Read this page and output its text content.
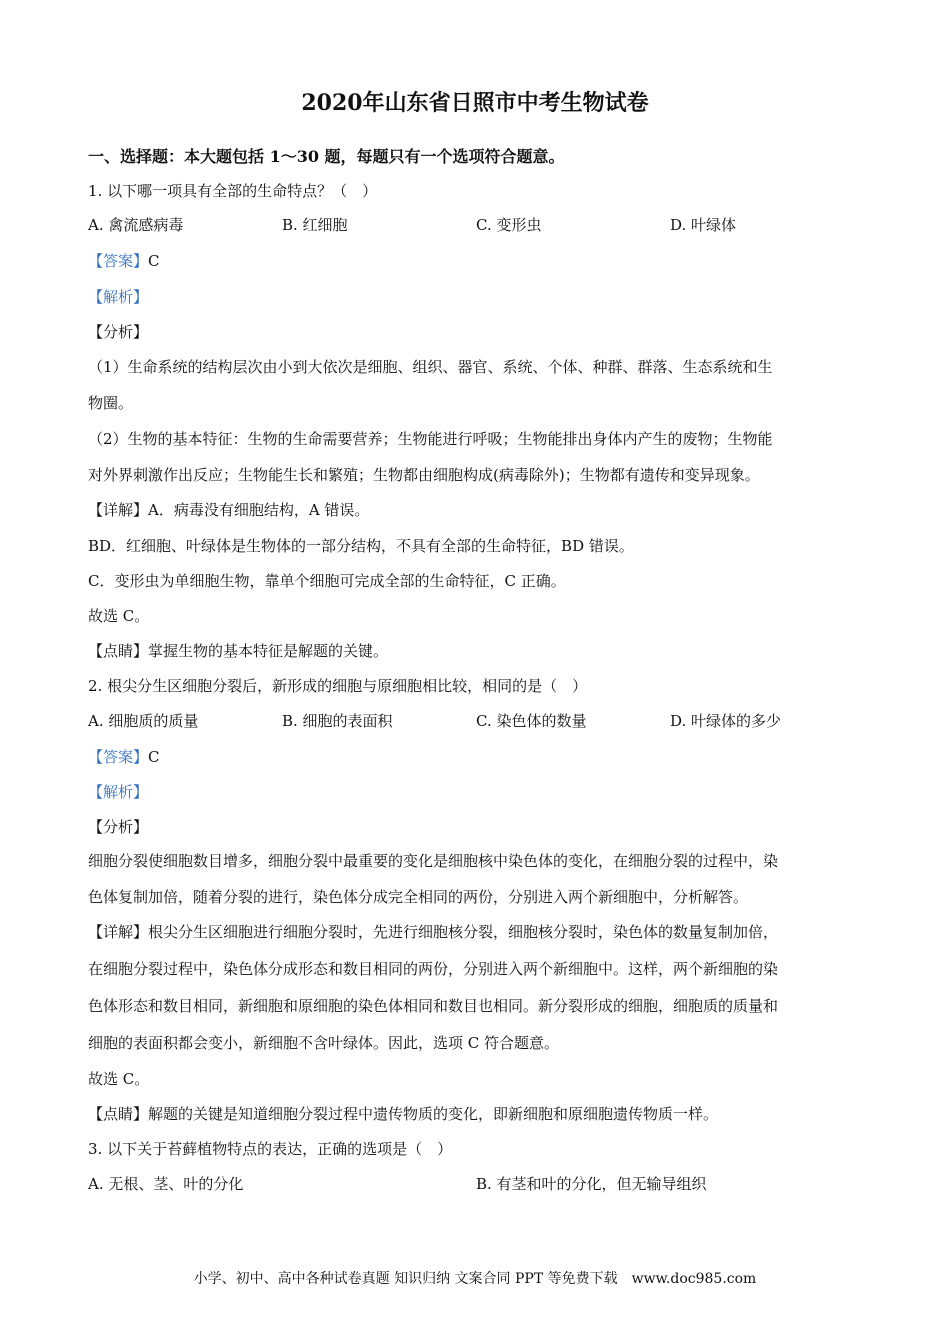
2020年山东省日照市中考生物试卷
一、选择题：本大题包括 1～30 题，每题只有一个选项符合题意。
1. 以下哪一项具有全部的生命特点？（　）
A. 禽流感病毒	B. 红细胞	C. 变形虫	D. 叶绿体
【答案】C
【解析】
【分析】
（1）生命系统的结构层次由小到大依次是细胞、组织、器官、系统、个体、种群、群落、生态系统和生
物圈。
（2）生物的基本特征：生物的生命需要营养；生物能进行呼吸；生物能排出身体内产生的废物；生物能
对外界刺激作出反应；生物能生长和繁殖；生物都由细胞构成(病毒除外)；生物都有遗传和变异现象。
【详解】A．病毒没有细胞结构，A 错误。
BD．红细胞、叶绿体是生物体的一部分结构，不具有全部的生命特征，BD 错误。
C．变形虫为单细胞生物，靠单个细胞可完成全部的生命特征，C 正确。
故选 C。
【点睛】掌握生物的基本特征是解题的关键。
2. 根尖分生区细胞分裂后，新形成的细胞与原细胞相比较，相同的是（　）
A. 细胞质的质量	B. 细胞的表面积	C. 染色体的数量	D. 叶绿体的多少
【答案】C
【解析】
【分析】
细胞分裂使细胞数目增多，细胞分裂中最重要的变化是细胞核中染色体的变化，在细胞分裂的过程中，染
色体复制加倍，随着分裂的进行，染色体分成完全相同的两份，分别进入两个新细胞中，分析解答。
【详解】根尖分生区细胞进行细胞分裂时，先进行细胞核分裂，细胞核分裂时，染色体的数量复制加倍，
在细胞分裂过程中，染色体分成形态和数目相同的两份，分别进入两个新细胞中。这样，两个新细胞的染
色体形态和数目相同，新细胞和原细胞的染色体相同和数目也相同。新分裂形成的细胞，细胞质的质量和
细胞的表面积都会变小，新细胞不含叶绿体。因此，选项 C 符合题意。
故选 C。
【点睛】解题的关键是知道细胞分裂过程中遗传物质的变化，即新细胞和原细胞遗传物质一样。
3. 以下关于苔藓植物特点的表达，正确的选项是（　）
A. 无根、茎、叶的分化	B. 有茎和叶的分化，但无输导组织
小学、初中、高中各种试卷真题 知识归纳 文案合同 PPT 等免费下载　www.doc985.com
